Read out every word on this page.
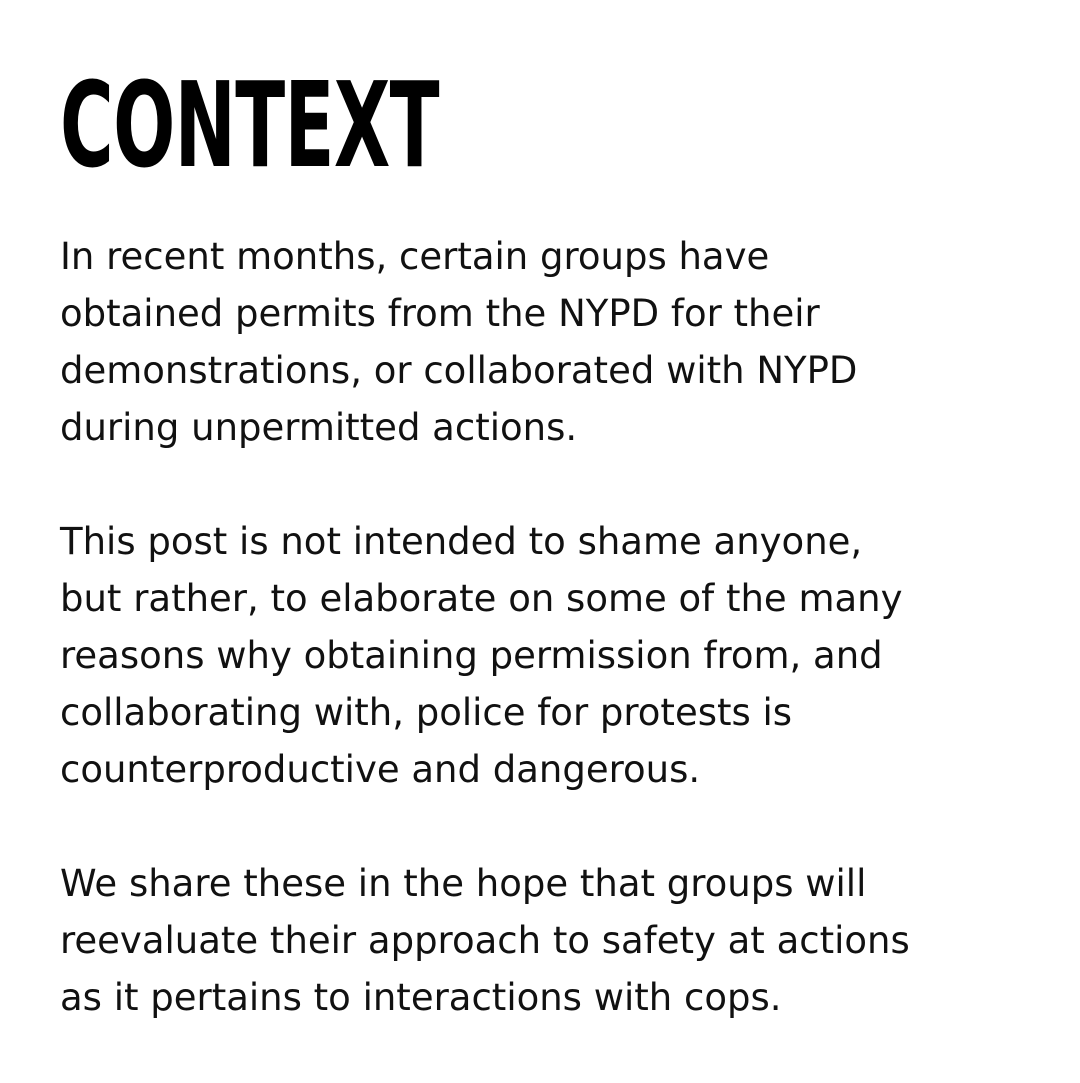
CONTEXT

In recent months, certain groups have
obtained permits from the NYPD for their
demonstrations, or collaborated with NYPD
during unpermitted actions.

This post is not intended to shame anyone,
but rather, to elaborate on some of the many
reasons why obtaining permission from, and
collaborating with, police for protests is
counterproductive and dangerous.

We share these in the hope that groups will
reevaluate their approach to safety at actions
as it pertains to interactions with cops.
